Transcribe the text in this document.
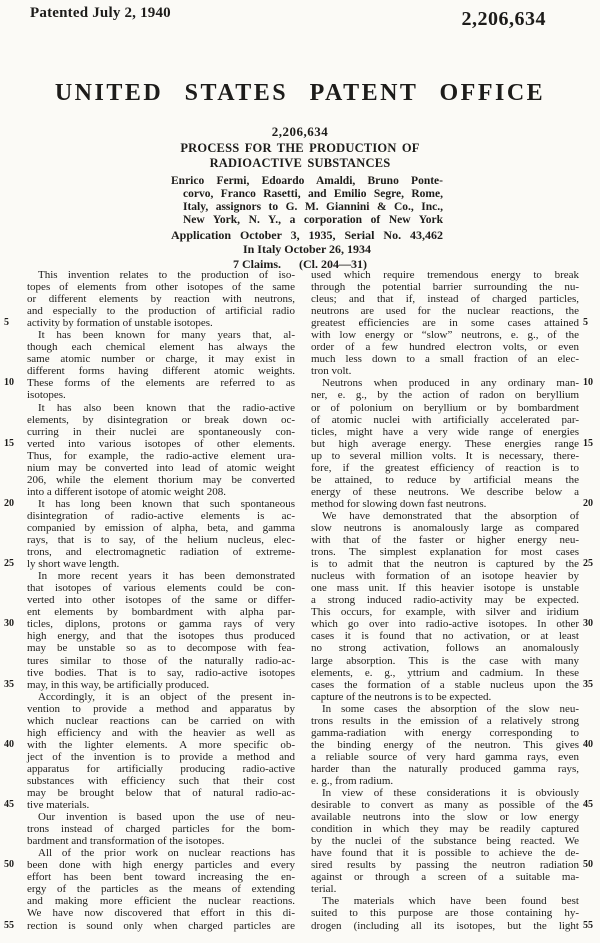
Patented July 2, 1940	2,206,634
UNITED STATES PATENT OFFICE
2,206,634
PROCESS FOR THE PRODUCTION OF
RADIOACTIVE SUBSTANCES
Enrico Fermi, Edoardo Amaldi, Bruno Ponte-
corvo, Franco Rasetti, and Emilio Segre, Rome,
Italy, assignors to G. M. Giannini & Co., Inc.,
New York, N. Y., a corporation of New York
Application October 3, 1935, Serial No. 43,462
In Italy October 26, 1934
7 Claims. (Cl. 204—31)
This invention relates to the production of iso-
topes of elements from other isotopes of the same
or different elements by reaction with neutrons,
and especially to the production of artificial radio
activity by formation of unstable isotopes.
5
It has been known for many years that, al-
though each chemical element has always the
same atomic number or charge, it may exist in
different forms having different atomic weights.
These forms of the elements are referred to as
10
isotopes.
It has also been known that the radio-active
elements, by disintegration or break down oc-
curring in their nuclei are spontaneously con-
verted into various isotopes of other elements.
15
Thus, for example, the radio-active element ura-
nium may be converted into lead of atomic weight
206, while the element thorium may be converted
into a different isotope of atomic weight 208.
It has long been known that such spontaneous
20
disintegration of radio-active elements is ac-
companied by emission of alpha, beta, and gamma
rays, that is to say, of the helium nucleus, elec-
trons, and electromagnetic radiation of extreme-
ly short wave length.
25
In more recent years it has been demonstrated
that isotopes of various elements could be con-
verted into other isotopes of the same or differ-
ent elements by bombardment with alpha par-
ticles, diplons, protons or gamma rays of very
30
high energy, and that the isotopes thus produced
may be unstable so as to decompose with fea-
tures similar to those of the naturally radio-ac-
tive bodies. That is to say, radio-active isotopes
may, in this way, be artificially produced.
35
Accordingly, it is an object of the present in-
vention to provide a method and apparatus by
which nuclear reactions can be carried on with
high efficiency and with the heavier as well as
with the lighter elements. A more specific ob-
40
ject of the invention is to provide a method and
apparatus for artificially producing radio-active
substances with efficiency such that their cost
may be brought below that of natural radio-ac-
tive materials.
45
Our invention is based upon the use of neu-
trons instead of charged particles for the bom-
bardment and transformation of the isotopes.
All of the prior work on nuclear reactions has
been done with high energy particles and every
50
effort has been bent toward increasing the en-
ergy of the particles as the means of extending
and making more efficient the nuclear reactions.
We have now discovered that effort in this di-
rection is sound only when charged particles are
55
used which require tremendous energy to break
through the potential barrier surrounding the nu-
cleus; and that if, instead of charged particles,
neutrons are used for the nuclear reactions, the
greatest efficiencies are in some cases attained 5
with low energy or “slow” neutrons, e. g., of the
order of a few hundred electron volts, or even
much less down to a small fraction of an elec-
tron volt.
Neutrons when produced in any ordinary man- 10
ner, e. g., by the action of radon on beryllium
or of polonium on beryllium or by bombardment
of atomic nuclei with artificially accelerated par-
ticles, might have a very wide range of energies
but high average energy. These energies range 15
up to several million volts. It is necessary, there-
fore, if the greatest efficiency of reaction is to
be attained, to reduce by artificial means the
energy of these neutrons. We describe below a
method for slowing down fast neutrons.	20
We have demonstrated that the absorption of
slow neutrons is anomalously large as compared
with that of the faster or higher energy neu-
trons. The simplest explanation for most cases
is to admit that the neutron is captured by the 25
nucleus with formation of an isotope heavier by
one mass unit. If this heavier isotope is unstable
a strong induced radio-activity may be expected.
This occurs, for example, with silver and iridium
which go over into radio-active isotopes. In other 30
cases it is found that no activation, or at least
no strong activation, follows an anomalously
large absorption. This is the case with many
elements, e. g., yttrium and cadmium. In these
cases the formation of a stable nucleus upon the 35
capture of the neutrons is to be expected.
In some cases the absorption of the slow neu-
trons results in the emission of a relatively strong
gamma-radiation with energy corresponding to
the binding energy of the neutron. This gives 40
a reliable source of very hard gamma rays, even
harder than the naturally produced gamma rays,
e. g., from radium.
In view of these considerations it is obviously
desirable to convert as many as possible of the 45
available neutrons into the slow or low energy
condition in which they may be readily captured
by the nuclei of the substance being reacted. We
have found that it is possible to achieve the de-
sired results by passing the neutron radiation 50
against or through a screen of a suitable ma-
terial.
The materials which have been found best
suited to this purpose are those containing hy-
drogen (including all its isotopes, but the light 55
